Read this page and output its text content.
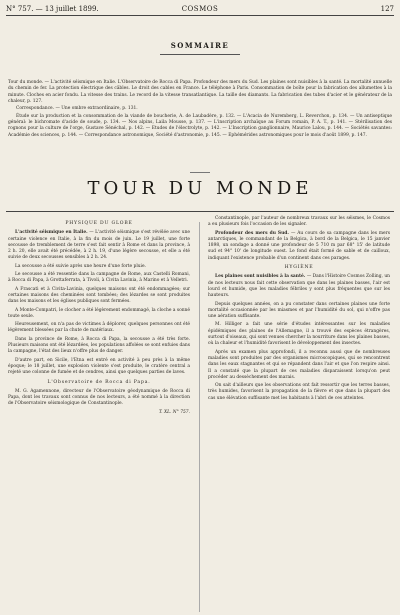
N° 757. — 13 juillet 1899.	COSMOS	127
SOMMAIRE

Tour du monde. — L'activité séismique en Italie. L'Observatoire de Rocca di Papa. Profondeur des mers du Sud. Les plaines sont nuisibles à la santé. La mortalité annuelle du chemin de fer. La protection électrique des câbles. Le droit des cables en France. Le téléphone à Paris. Consommation de boîte pour la fabrication des allumettes à la minute. Cloches en acier fondu. La vitesse des trains. Le record de la vitesse transatlantique. La taille des diamants. La fabrication des tubes d'acier et le générateur de la chaleur, p. 127.

Correspondance. — Une ombre extraordinaire, p. 131.

Étude sur la production et la consommation de la viande de boucherie, A. de Laubadère, p. 132. — L'Acacia de Nuremberg, L. Reverchon, p. 134. — Un antiseptique général: le bichromate d'acide de soude, p. 134. — Nos alpins, Laila Mousse, p. 137. — L'inscription archaïque au Forum romain, P. A. T., p. 141. — Stérilisation des rognons pour la culture de l'orge, Gustave Sénéchal, p. 142. — Etudes de l'électrolyte, p. 142. — L'Inscription ganglionnaire, Maurice Lalou, p. 144. — Sociétés savantes: Académie des sciences, p. 144. — Correspondance astronomique, Société d'astronomie, p. 145. — Ephémérides astronomiques pour le mois d'août 1899, p. 147.

TOUR DU MONDE

PHYSIQUE DU GLOBE

L'activité séismique en Italie. — L'activité séismique s'est révélée avec une certaine violence en Italie, à la fin du mois de juin. Le 19 juillet, une forte secousse de tremblement de terre s'est fait sentir à Rome et dans la province, à 2 h. 20, elle avait été précédée, à 2 h. 19, d'une légère secousse, et elle a été suivie de deux secousses sensibles à 2 h. 24.

La secousse a été suivie après une heure d'une forte pluie.

Le secousse a été ressentie dans la campagne de Rome, aux Castelli Romani, à Rocca di Papa, à Grottaferrata, à Tivoli, à Civita Lavinia, à Marino et à Velletri.

A Frascati et à Civita-Lavinia, quelques maisons ont été endommagées; sur certaines maisons des cheminées sont tombées; des lézardes se sont produites dans les maisons et les églises publiques sont fermées.

A Monte-Compatri, le clocher a été légèrement endommagé, la cloche a sonné toute seule.

Heureusement, on n'a pas de victimes à déplorer, quelques personnes ont été légèrement blessées par la chute de matériaux.

Dans la province de Rome, à Rocca di Papa, la secousse a été très forte. Plusieurs maisons ont été lézardées, les populations affolées se sont enfuies dans la campagne, l'état des lieux n'offre plus de danger.

D'autre part, en Sicile, l'Etna est entré en activité à peu près à la même époque; le 18 juillet, une explosion violente s'est produite, le cratère central a rejeté une colonne de fumée et de cendres, ainsi que quelques parties de laves.

L'Observatoire de Rocca di Papa.

M. G. Agamennone, directeur de l'Observatoire géodynamique de Rocca di Papa, dont les travaux sont connus de nos lecteurs, a été nommé à la direction de l'Observatoire séismologique de Constantinople.

T. XL. N° 757.

Constantinople, par l'auteur de nombreux travaux sur les séismes, le Cosmos a eu plusieurs fois l'occasion de les signaler.

Profondeur des mers du Sud. — Au cours de sa campagne dans les mers antarctiques, le commandant de la Belgica, à bord de la Belgica, le 15 janvier 1898, un sondage a donné une profondeur de 5 710 m par 68° 15' de latitude sud et 94° 10' de longitude ouest. Le fond était formé de sable et de cailloux, indiquant l'existence probable d'un continent dans ces parages.

HYGIÈNE

Les plaines sont nuisibles à la santé. — Dans l'Histoire Cosmos Zolling, un de nos lecteurs nous fait cette observation que dans les plaines basses, l'air est lourd et humide, que les maladies fébriles y sont plus fréquentes que sur les hauteurs.

Depuis quelques années, on a pu constater dans certaines plaines une forte mortalité occasionnée par les miasmes et par l'humidité du sol, qui n'offre pas une aération suffisante.

M. Hilliger a fait une série d'études intéressantes sur les maladies épidémiques des plaines de l'Allemagne, il a trouvé des espèces étrangères, surtout d'oiseaux, qui sont venues chercher la nourriture dans les plaines basses, où la chaleur et l'humidité favorisent le développement des insectes.

Après un examen plus approfondi, il a reconnu aussi que de nombreuses maladies sont produites par des organismes microscopiques, qui se rencontrent dans les eaux stagnantes et qui se répandent dans l'air et que l'on respire ainsi. Il a constaté que la plupart de ces maladies disparaissent lorsqu'on peut procéder au dessèchement des marais.

On sait d'ailleurs que les observations ont fait ressortir que les terres basses, très humides, favorisent la propagation de la fièvre et que dans la plupart des cas une élévation suffisante met les habitants à l'abri de ces atteintes.
